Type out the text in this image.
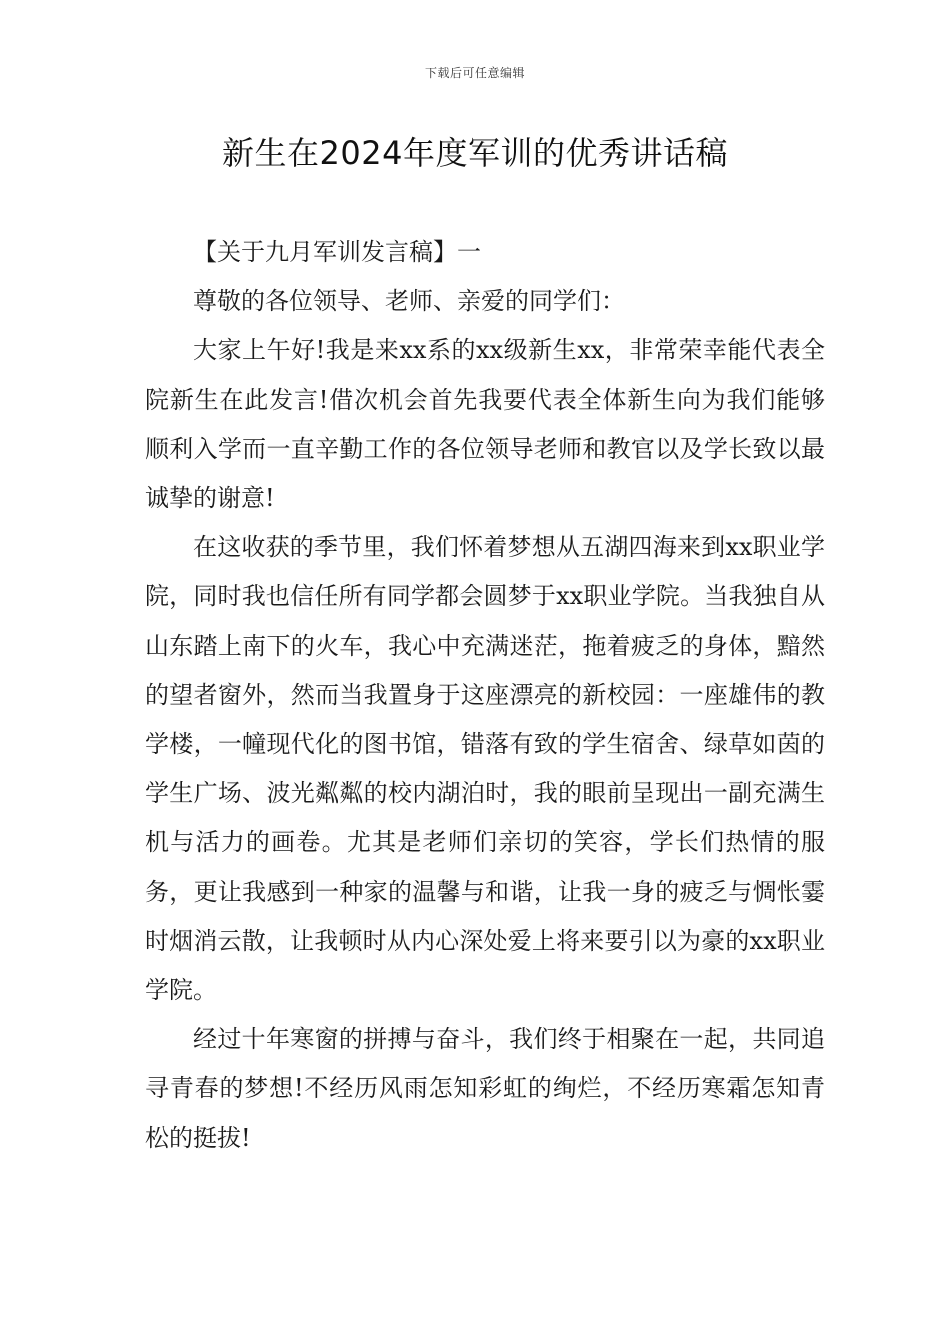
下载后可任意编辑
新生在2024年度军训的优秀讲话稿

【关于九月军训发言稿】一

尊敬的各位领导、老师、亲爱的同学们：

大家上午好!我是来xx系的xx级新生xx，非常荣幸能代表全院新生在此发言!借次机会首先我要代表全体新生向为我们能够顺利入学而一直辛勤工作的各位领导老师和教官以及学长致以最诚挚的谢意!

在这收获的季节里，我们怀着梦想从五湖四海来到xx职业学院，同时我也信任所有同学都会圆梦于xx职业学院。当我独自从山东踏上南下的火车，我心中充满迷茫，拖着疲乏的身体，黯然的望者窗外，然而当我置身于这座漂亮的新校园：一座雄伟的教学楼，一幢现代化的图书馆，错落有致的学生宿舍、绿草如茵的学生广场、波光粼粼的校内湖泊时，我的眼前呈现出一副充满生机与活力的画卷。尤其是老师们亲切的笑容，学长们热情的服务，更让我感到一种家的温馨与和谐，让我一身的疲乏与惆怅霎时烟消云散，让我顿时从内心深处爱上将来要引以为豪的xx职业学院。

经过十年寒窗的拼搏与奋斗，我们终于相聚在一起，共同追寻青春的梦想!不经历风雨怎知彩虹的绚烂，不经历寒霜怎知青松的挺拔!
